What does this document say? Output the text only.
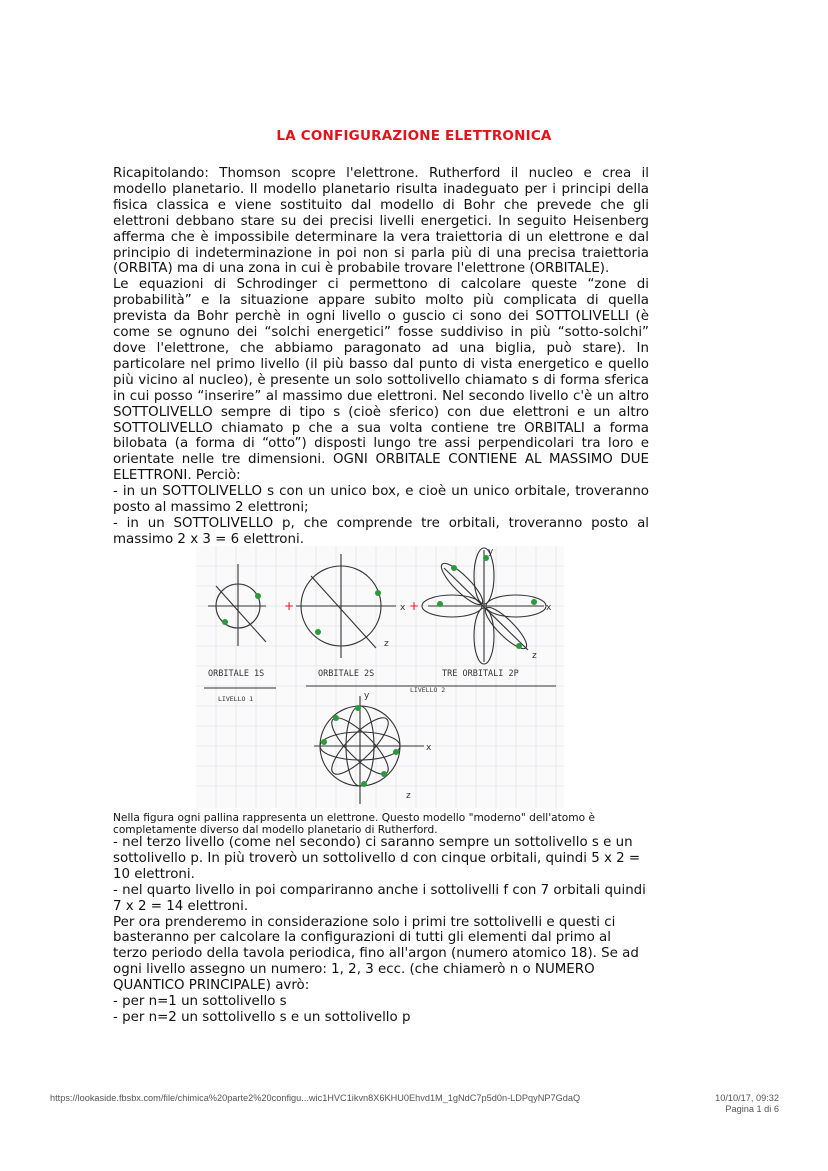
LA CONFIGURAZIONE ELETTRONICA

Ricapitolando: Thomson scopre l'elettrone. Rutherford il nucleo e crea il modello planetario. Il modello planetario risulta inadeguato per i principi della fisica classica e viene sostituito dal modello di Bohr che prevede che gli elettroni debbano stare su dei precisi livelli energetici. In seguito Heisenberg afferma che è impossibile determinare la vera traiettoria di un elettrone e dal principio di indeterminazione in poi non si parla più di una precisa traiettoria (ORBITA) ma di una zona in cui è probabile trovare l'elettrone (ORBITALE).

Le equazioni di Schrodinger ci permettono di calcolare queste “zone di probabilità” e la situazione appare subito molto più complicata di quella prevista da Bohr perchè in ogni livello o guscio ci sono dei SOTTOLIVELLI (è come se ognuno dei “solchi energetici” fosse suddiviso in più “sotto-solchi” dove l'elettrone, che abbiamo paragonato ad una biglia, può stare). In particolare nel primo livello (il più basso dal punto di vista energetico e quello più vicino al nucleo), è presente un solo sottolivello chiamato s di forma sferica in cui posso “inserire” al massimo due elettroni. Nel secondo livello c'è un altro SOTTOLIVELLO sempre di tipo s (cioè sferico) con due elettroni e un altro SOTTOLIVELLO chiamato p che a sua volta contiene tre ORBITALI a forma bilobata (a forma di “otto”) disposti lungo tre assi perpendicolari tra loro e orientate nelle tre dimensioni. OGNI ORBITALE CONTIENE AL MASSIMO DUE ELETTRONI. Perciò:

- in un SOTTOLIVELLO s con un unico box, e cioè un unico orbitale, troveranno posto al massimo 2 elettroni;

- in un SOTTOLIVELLO p, che comprende tre orbitali, troveranno posto al massimo 2 x 3 = 6 elettroni.

+	x +
z
y
x
z
ORBITALE 1S	ORBITALE 2S	TRE ORBITALI 2P
LIVELLO 1
LIVELLO 2
x
y
z
Nella figura ogni pallina rappresenta un elettrone. Questo modello "moderno" dell'atomo è completamente diverso dal modello planetario di Rutherford.

- nel terzo livello (come nel secondo) ci saranno sempre un sottolivello s e un sottolivello p. In più troverò un sottolivello d con cinque orbitali, quindi 5 x 2 = 10 elettroni.

- nel quarto livello in poi compariranno anche i sottolivelli f con 7 orbitali quindi 7 x 2 = 14 elettroni.

Per ora prenderemo in considerazione solo i primi tre sottolivelli e questi ci basteranno per calcolare la configurazioni di tutti gli elementi dal primo al terzo periodo della tavola periodica, fino all'argon (numero atomico 18). Se ad ogni livello assegno un numero: 1, 2, 3 ecc. (che chiamerò n o NUMERO QUANTICO PRINCIPALE) avrò:

- per n=1 un sottolivello s

- per n=2 un sottolivello s e un sottolivello p

https://lookaside.fbsbx.com/file/chimica%20parte2%20configu...wic1HVC1ikvn8X6KHU0Ehvd1M_1gNdC7p5d0n-LDPqyNP7GdaQ	10/10/17, 09:32
Pagina 1 di 6
